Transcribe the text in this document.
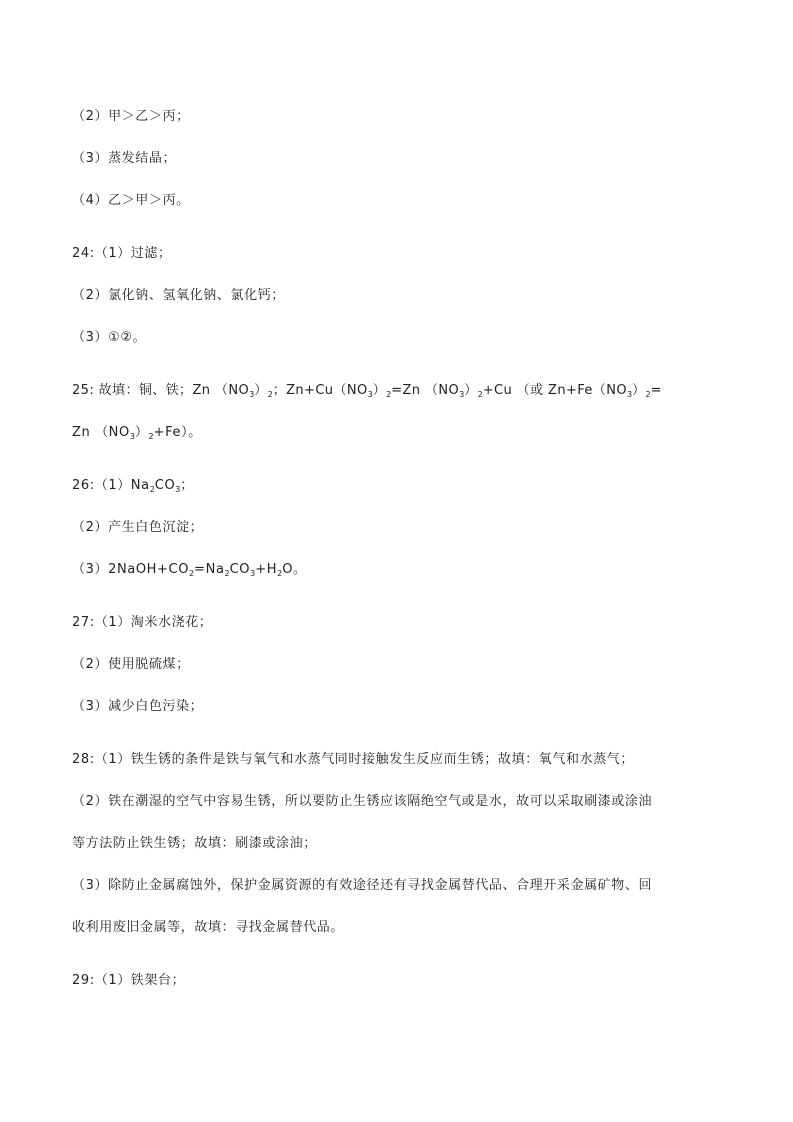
（2）甲＞乙＞丙；
（3）蒸发结晶；
（4）乙＞甲＞丙。
24:（1）过滤；
（2）氯化钠、氢氧化钠、氯化钙；
（3）①②。
25: 故填：铜、铁；Zn $(NO_3)_2$；$Zn+Cu(NO_3)_2=Zn$ $(NO_3)_2+Cu$ （或 $Zn+Fe(NO_3)_2=$
Zn $(NO_3)_2+Fe$）。
$26:(1)Na_2CO_3$；
（2）产生白色沉淀；
$(3)2NaOH+CO_2=Na_2CO_3+H_2O$。
27:（1）淘米水浇花；
（2）使用脱硫煤；
（3）减少白色污染；
28:（1）铁生锈的条件是铁与氧气和水蒸气同时接触发生反应而生锈；故填：氧气和水蒸气；
（2）铁在潮湿的空气中容易生锈，所以要防止生锈应该隔绝空气或是水，故可以采取刷漆或涂油
等方法防止铁生锈；故填：刷漆或涂油；
（3）除防止金属腐蚀外，保护金属资源的有效途径还有寻找金属替代品、合理开采金属矿物、回
收利用废旧金属等，故填：寻找金属替代品。
29:（1）铁架台；
